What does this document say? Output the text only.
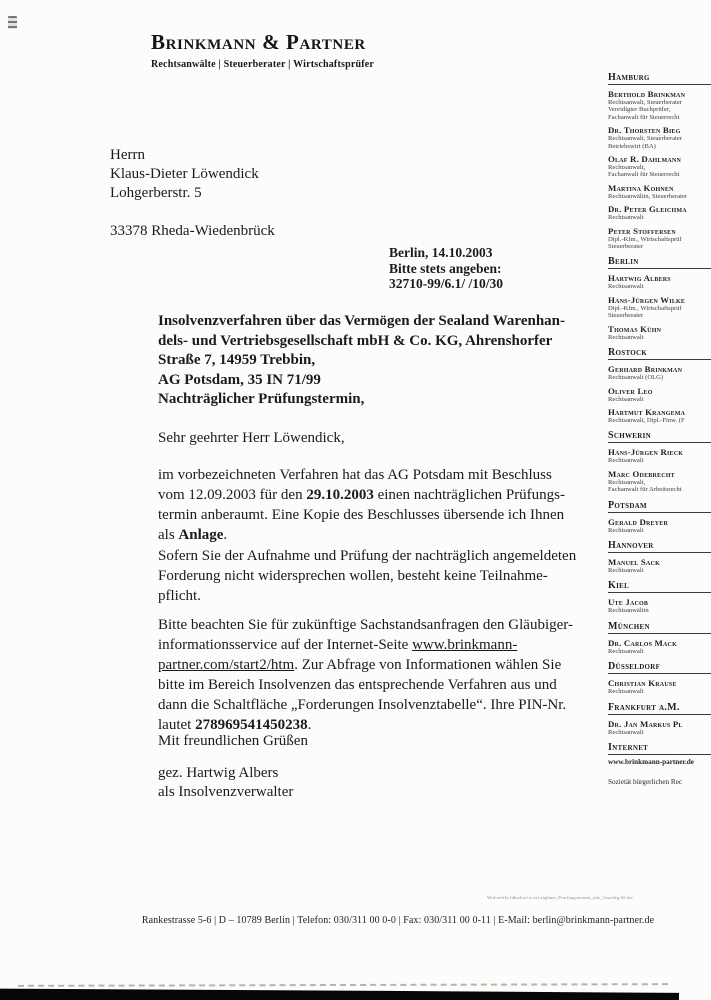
Brinkmann & Partner
Rechtsanwälte | Steuerberater | Wirtschaftsprüfer
Hamburg
Berthold Brinkman
Rechtsanwalt, Steuerberater
Vereidigter Buchprüfer,
Fachanwalt für Steuerrecht
Dr. Thorsten Bieg
Rechtsanwalt, Steuerberater
Betriebswirt (BA)
Olaf R. Dahlmann
Rechtsanwalt,
Fachanwalt für Steuerrecht
Martina Kohnen
Rechtsanwältin, Steuerberater
Dr. Peter Gleichma
Rechtsanwalt
Peter Stoffersen
Dipl.-Kfm., Wirtschaftsprüf
Steuerberater
Berlin
Hartwig Albers
Rechtsanwalt
Hans-Jürgen Wilke
Dipl.-Kfm., Wirtschaftsprüf
Steuerberater
Thomas Kühn
Rechtsanwalt
Rostock
Gerhard Brinkman
Rechtsanwalt (OLG)
Oliver Leo
Rechtsanwalt
Hartmut Krangema
Rechtsanwalt, Dipl.-Finw. (F
Schwerin
Hans-Jürgen Rieck
Rechtsanwalt
Marc Odebrecht
Rechtsanwalt,
Fachanwalt für Arbeitsrecht
Potsdam
Gerald Dreyer
Rechtsanwalt
Hannover
Manuel Sack
Rechtsanwalt
Kiel
Ute Jacob
Rechtsanwältin
München
Dr. Carlos Mack
Rechtsanwalt
Düsseldorf
Christian Krause
Rechtsanwalt
Frankfurt a.M.
Dr. Jan Markus Pl
Rechtsanwalt
Internet
www.brinkmann-partner.de
Sozietät bürgerlichen Rec
Herrn
Klaus-Dieter Löwendick
Lohgerberstr. 5
33378 Rheda-Wiedenbrück
Berlin, 14.10.2003
Bitte stets angeben:
32710-99/6.1/ /10/30
Insolvenzverfahren über das Vermögen der Sealand Warenhan-
dels- und Vertriebsgesellschaft mbH & Co. KG, Ahrenshorfer
Straße 7, 14959 Trebbin,
AG Potsdam, 35 IN 71/99
Nachträglicher Prüfungstermin,
Sehr geehrter Herr Löwendick,
im vorbezeichneten Verfahren hat das AG Potsdam mit Beschluss
vom 12.09.2003 für den 29.10.2003 einen nachträglichen Prüfungs-
termin anberaumt. Eine Kopie des Beschlusses übersende ich Ihnen
als Anlage.
Sofern Sie der Aufnahme und Prüfung der nachträglich angemeldeten
Forderung nicht widersprechen wollen, besteht keine Teilnahme-
pflicht.
Bitte beachten Sie für zukünftige Sachstandsanfragen den Gläubiger-
informationsservice auf der Internet-Seite www.brinkmann-
partner.com/start2/htm. Zur Abfrage von Informationen wählen Sie
bitte im Bereich Insolvenzen das entsprechende Verfahren aus und
dann die Schaltfläche „Forderungen Insolvenztabelle“. Ihre PIN-Nr.
lautet 278969541450238.
Mit freundlichen Grüßen
gez. Hartwig Albers
als Insolvenzverwalter
Wrd-aefrln.ldbadrwf.a-ruf.aughme_Prurfungstermin_nds_Geachfg-f0.doc
Rankestrasse 5-6 | D – 10789 Berlin | Telefon: 030/311 00 0-0 | Fax: 030/311 00 0-11 | E-Mail: berlin@brinkmann-partner.de
